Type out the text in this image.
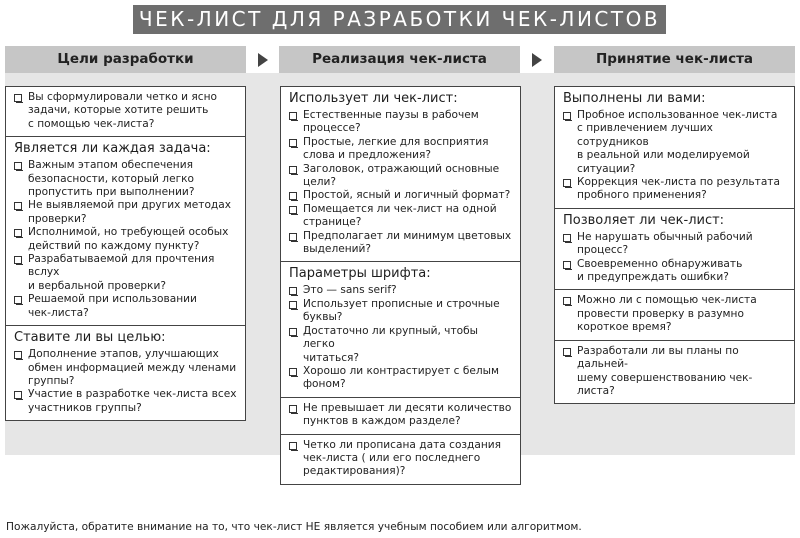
ЧЕК-ЛИСТ ДЛЯ РАЗРАБОТКИ ЧЕК-ЛИСТОВ
Цели разработки	Реализация чек-листа	Принятие чек-листа
Вы сформулировали четко и ясно
задачи, которые хотите решить
с помощью чек-листа?
Является ли каждая задача:
Важным этапом обеспечения
безопасности, который легко
пропустить при выполнении?
Не выявляемой при других методах
проверки?
Исполнимой, но требующей особых
действий по каждому пункту?
Разрабатываемой для прочтения вслух
и вербальной проверки?
Решаемой при использовании
чек-листа?
Ставите ли вы целью:
Дополнение этапов, улучшающих
обмен информацией между членами
группы?
Участие в разработке чек-листа всех
участников группы?
Использует ли чек-лист:
Естественные паузы в рабочем
процессе?
Простые, легкие для восприятия
слова и предложения?
Заголовок, отражающий основные
цели?
Простой, ясный и логичный формат?
Помещается ли чек-лист на одной
странице?
Предполагает ли минимум цветовых
выделений?
Параметры шрифта:
Это — sans serif?
Использует прописные и строчные
буквы?
Достаточно ли крупный, чтобы легко
читаться?
Хорошо ли контрастирует с белым
фоном?
Не превышает ли десяти количество
пунктов в каждом разделе?
Четко ли прописана дата создания
чек-листа ( или его последнего
редактирования)?
Выполнены ли вами:
Пробное использованное чек-листа
с привлечением лучших сотрудников
в реальной или моделируемой
ситуации?
Коррекция чек-листа по результата
пробного применения?
Позволяет ли чек-лист:
Не нарушать обычный рабочий
процесс?
Своевременно обнаруживать
и предупреждать ошибки?
Можно ли с помощью чек-листа
провести проверку в разумно
короткое время?
Разработали ли вы планы по дальней-
шему совершенствованию чек-листа?
Пожалуйста, обратите внимание на то, что чек-лист НЕ является учебным пособием или алгоритмом.
